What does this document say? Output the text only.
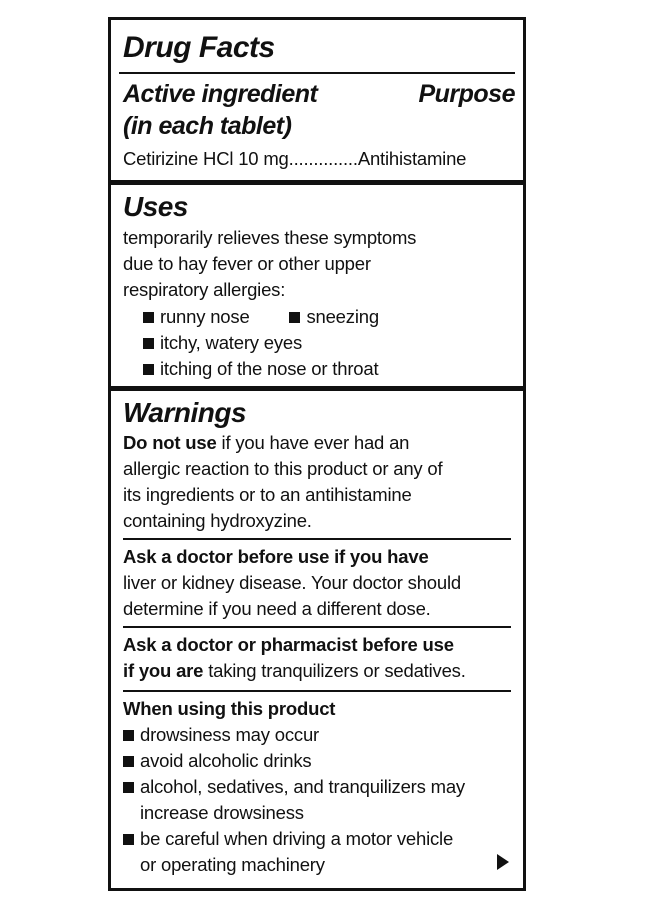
Drug Facts
Active ingredient
(in each tablet)
Purpose
Cetirizine HCl 10 mg..............Antihistamine
Uses
temporarily relieves these symptoms
due to hay fever or other upper
respiratory allergies:
runny nose	sneezing
itchy, watery eyes
itching of the nose or throat
Warnings
Do not use if you have ever had an
allergic reaction to this product or any of
its ingredients or to an antihistamine
containing hydroxyzine.
Ask a doctor before use if you have
liver or kidney disease. Your doctor should
determine if you need a different dose.
Ask a doctor or pharmacist before use
if you are taking tranquilizers or sedatives.
When using this product
drowsiness may occur
avoid alcoholic drinks
alcohol, sedatives, and tranquilizers may
increase drowsiness
be careful when driving a motor vehicle
or operating machinery
